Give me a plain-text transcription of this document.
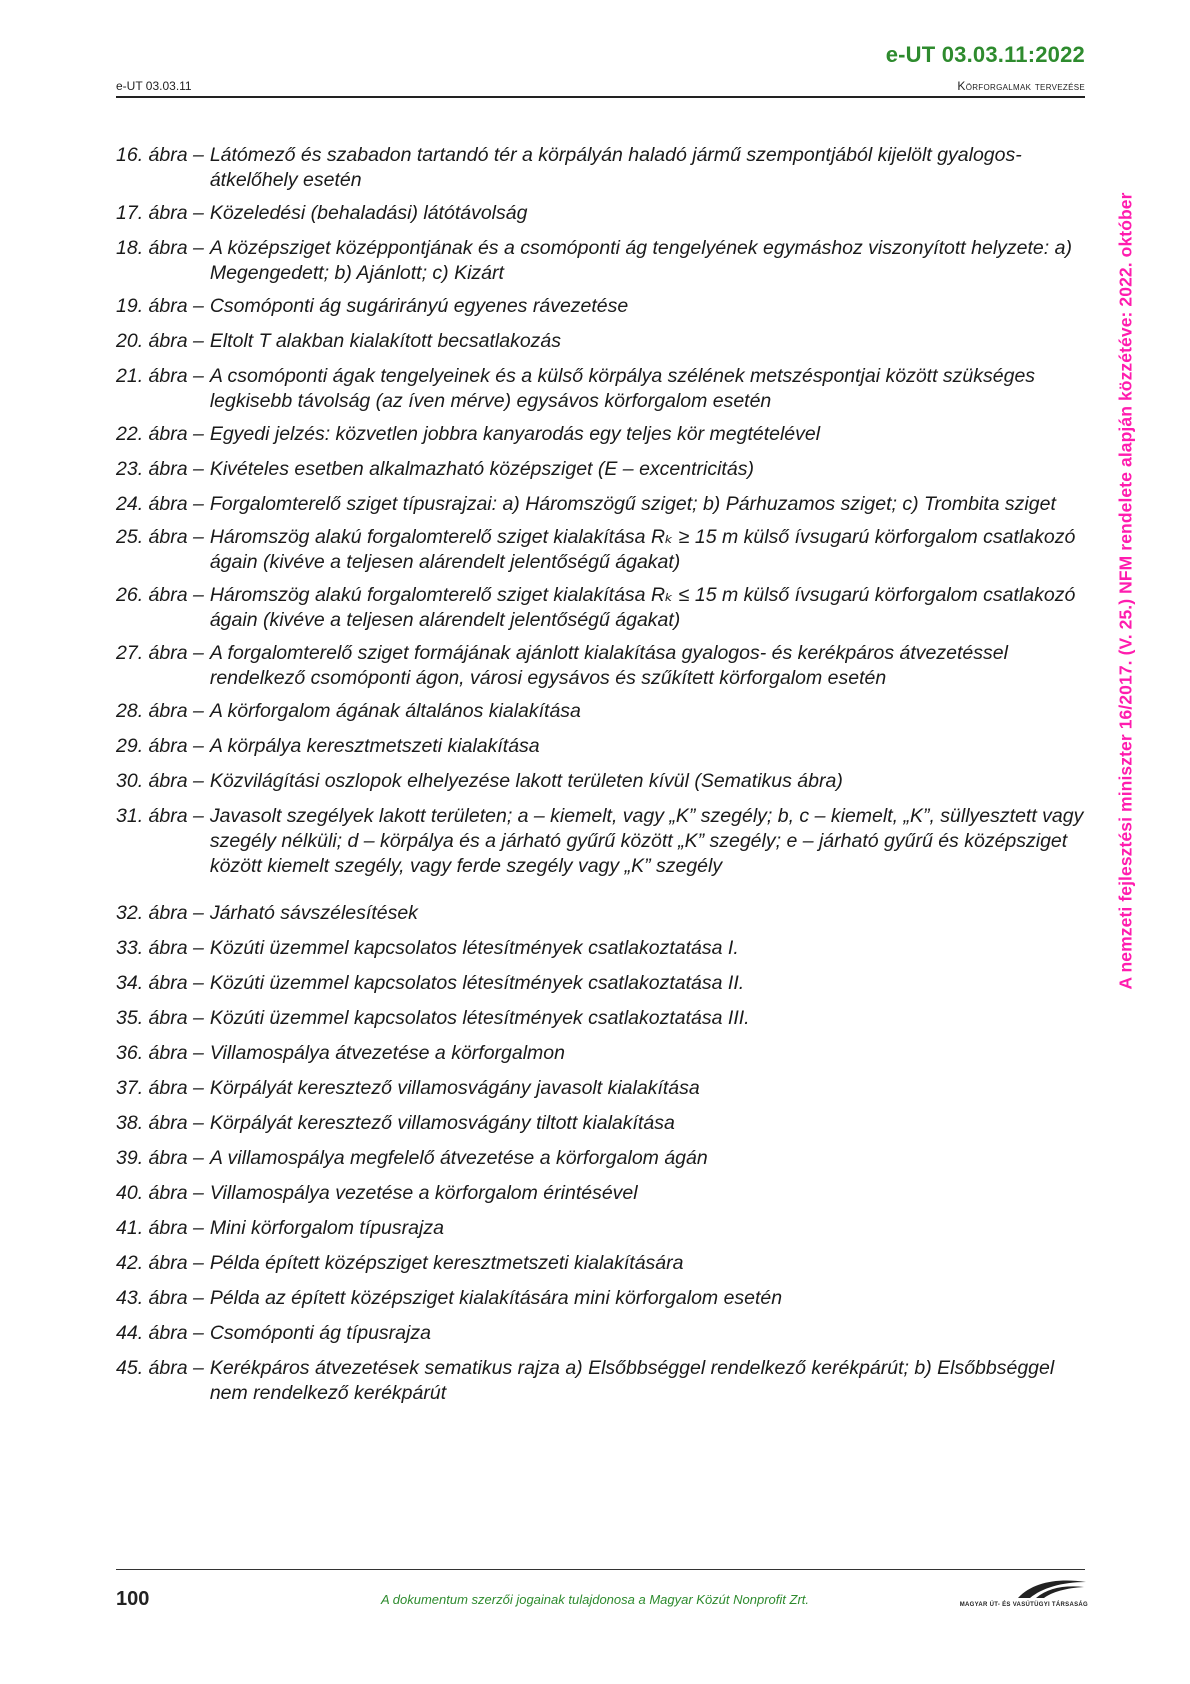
e-UT 03.03.11:2022
e-UT 03.03.11	Körforgalmak tervezése
A nemzeti fejlesztési miniszter 16/2017. (V. 25.) NFM rendelete alapján közzétéve: 2022. október
16. ábra – Látómező és szabadon tartandó tér a körpályán haladó jármű szempontjából kijelölt gyalogos-átkelőhely esetén
17. ábra – Közeledési (behaladási) látótávolság
18. ábra – A középsziget középpontjának és a csomóponti ág tengelyének egymáshoz viszonyított helyzete: a) Megengedett; b) Ajánlott; c) Kizárt
19. ábra – Csomóponti ág sugárirányú egyenes rávezetése
20. ábra – Eltolt T alakban kialakított becsatlakozás
21. ábra – A csomóponti ágak tengelyeinek és a külső körpálya szélének metszéspontjai között szükséges legkisebb távolság (az íven mérve) egysávos körforgalom esetén
22. ábra – Egyedi jelzés: közvetlen jobbra kanyarodás egy teljes kör megtételével
23. ábra – Kivételes esetben alkalmazható középsziget (E – excentricitás)
24. ábra – Forgalomterelő sziget típusrajzai: a) Háromszögű sziget; b) Párhuzamos sziget; c) Trombita sziget
25. ábra – Háromszög alakú forgalomterelő sziget kialakítása Rₖ ≥ 15 m külső ívsugarú körforgalom csatlakozó ágain (kivéve a teljesen alárendelt jelentőségű ágakat)
26. ábra – Háromszög alakú forgalomterelő sziget kialakítása Rₖ ≤ 15 m külső ívsugarú körforgalom csatlakozó ágain (kivéve a teljesen alárendelt jelentőségű ágakat)
27. ábra – A forgalomterelő sziget formájának ajánlott kialakítása gyalogos- és kerékpáros átvezetéssel rendelkező csomóponti ágon, városi egysávos és szűkített körforgalom esetén
28. ábra – A körforgalom ágának általános kialakítása
29. ábra – A körpálya keresztmetszeti kialakítása
30. ábra – Közvilágítási oszlopok elhelyezése lakott területen kívül (Sematikus ábra)
31. ábra – Javasolt szegélyek lakott területen; a – kiemelt, vagy „K” szegély; b, c – kiemelt, „K”, süllyesztett vagy szegély nélküli; d – körpálya és a járható gyűrű között „K” szegély; e – járható gyűrű és középsziget között kiemelt szegély, vagy ferde szegély vagy „K” szegély
32. ábra – Járható sávszélesítések
33. ábra – Közúti üzemmel kapcsolatos létesítmények csatlakoztatása I.
34. ábra – Közúti üzemmel kapcsolatos létesítmények csatlakoztatása II.
35. ábra – Közúti üzemmel kapcsolatos létesítmények csatlakoztatása III.
36. ábra – Villamospálya átvezetése a körforgalmon
37. ábra – Körpályát keresztező villamosvágány javasolt kialakítása
38. ábra – Körpályát keresztező villamosvágány tiltott kialakítása
39. ábra – A villamospálya megfelelő átvezetése a körforgalom ágán
40. ábra – Villamospálya vezetése a körforgalom érintésével
41. ábra – Mini körforgalom típusrajza
42. ábra – Példa épített középsziget keresztmetszeti kialakítására
43. ábra – Példa az épített középsziget kialakítására mini körforgalom esetén
44. ábra – Csomóponti ág típusrajza
45. ábra – Kerékpáros átvezetések sematikus rajza a) Elsőbbséggel rendelkező kerékpárút; b) Elsőbbséggel nem rendelkező kerékpárút
100	A dokumentum szerzői jogainak tulajdonosa a Magyar Közút Nonprofit Zrt.	MAGYAR ÚT- ÉS VASÚTÜGYI TÁRSASÁG
